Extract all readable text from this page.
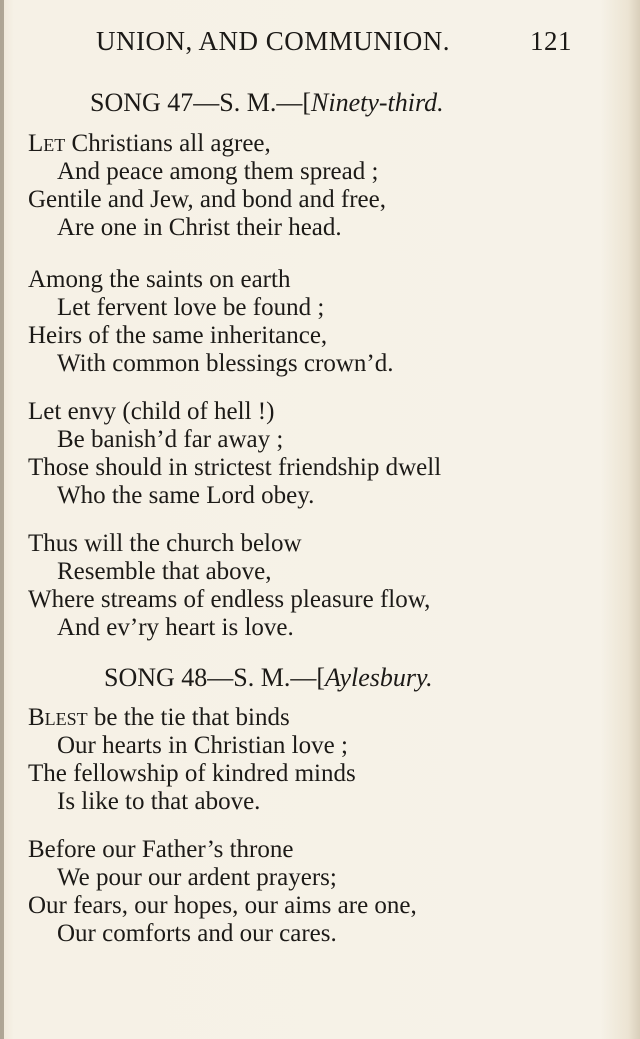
UNION, AND COMMUNION.	121
SONG 47—S. M.—[Ninety-third.
Let Christians all agree,
And peace among them spread ;
Gentile and Jew, and bond and free,
Are one in Christ their head.
Among the saints on earth
Let fervent love be found ;
Heirs of the same inheritance,
With common blessings crown’d.
Let envy (child of hell !)
Be banish’d far away ;
Those should in strictest friendship dwell
Who the same Lord obey.
Thus will the church below
Resemble that above,
Where streams of endless pleasure flow,
And ev’ry heart is love.
SONG 48—S. M.—[Aylesbury.
Blest be the tie that binds
Our hearts in Christian love ;
The fellowship of kindred minds
Is like to that above.
Before our Father’s throne
We pour our ardent prayers;
Our fears, our hopes, our aims are one,
Our comforts and our cares.
